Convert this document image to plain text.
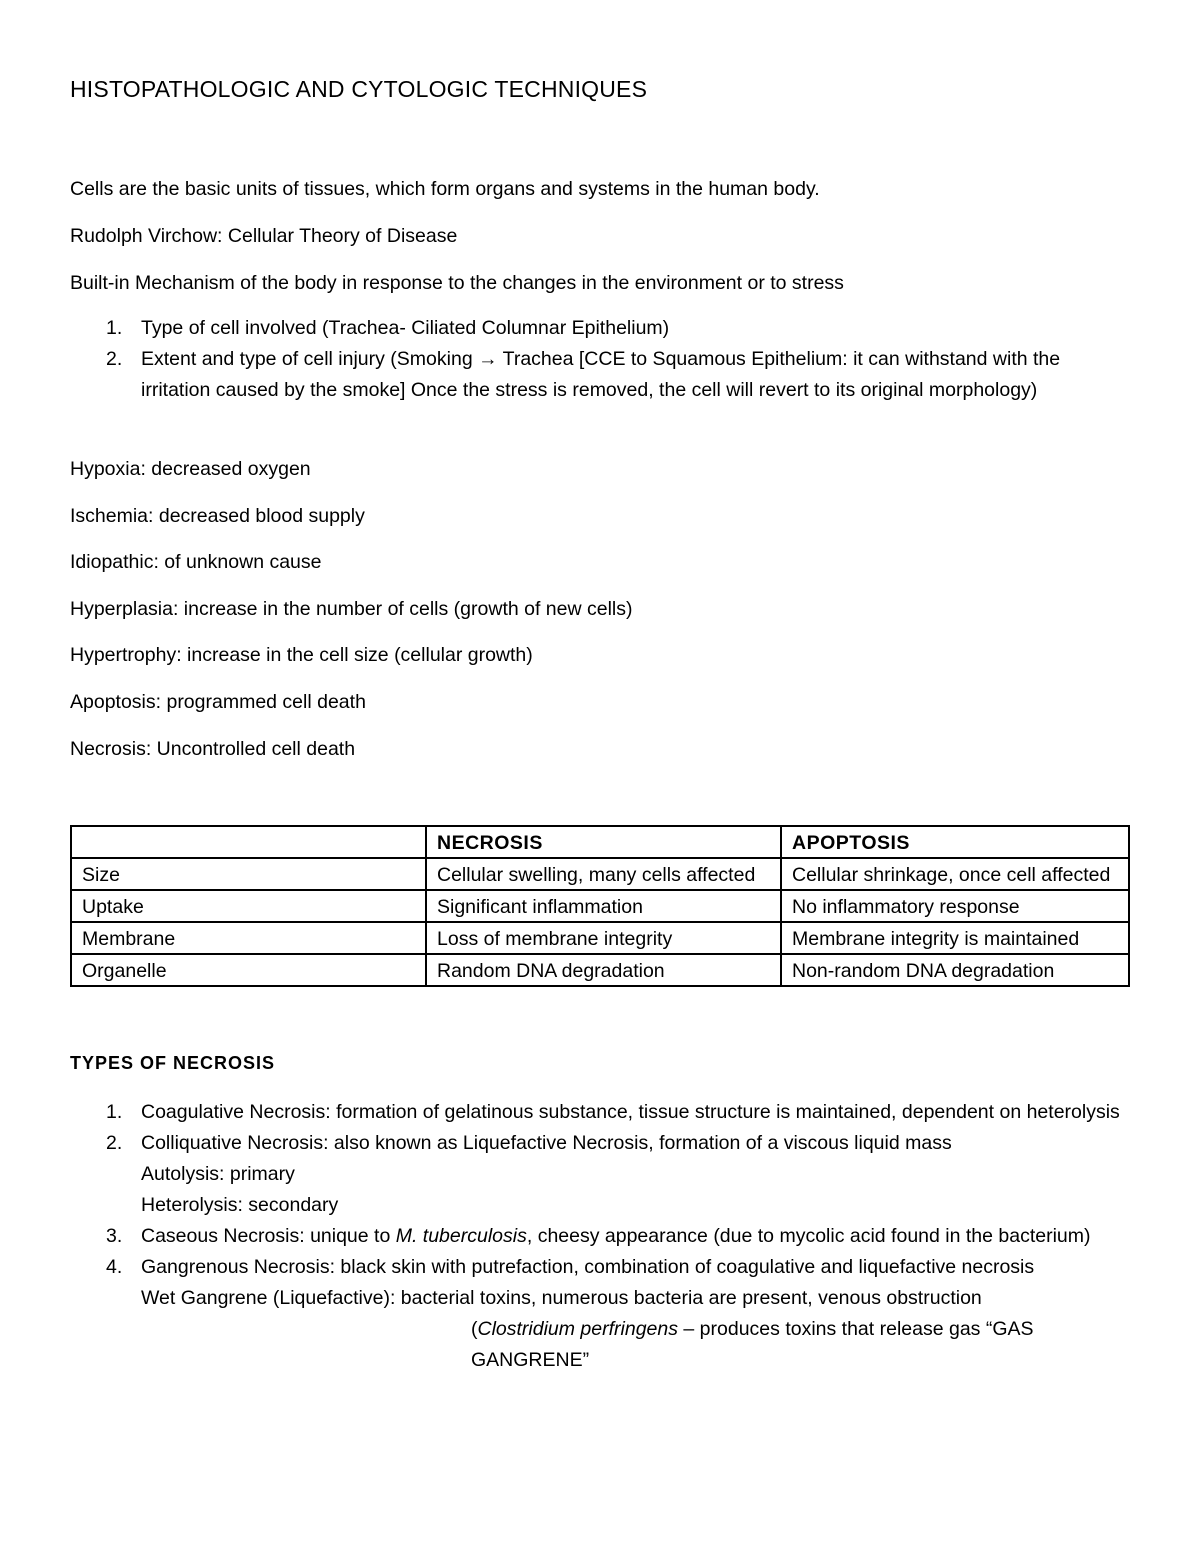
HISTOPATHOLOGIC AND CYTOLOGIC TECHNIQUES
Cells are the basic units of tissues, which form organs and systems in the human body.
Rudolph Virchow: Cellular Theory of Disease
Built-in Mechanism of the body in response to the changes in the environment or to stress
1. Type of cell involved (Trachea- Ciliated Columnar Epithelium)
2. Extent and type of cell injury (Smoking → Trachea [CCE to Squamous Epithelium: it can withstand with the irritation caused by the smoke] Once the stress is removed, the cell will revert to its original morphology)
Hypoxia: decreased oxygen
Ischemia: decreased blood supply
Idiopathic: of unknown cause
Hyperplasia: increase in the number of cells (growth of new cells)
Hypertrophy: increase in the cell size (cellular growth)
Apoptosis: programmed cell death
Necrosis: Uncontrolled cell death
	NECROSIS	APOPTOSIS
Size	Cellular swelling, many cells affected	Cellular shrinkage, once cell affected
Uptake	Significant inflammation	No inflammatory response
Membrane	Loss of membrane integrity	Membrane integrity is maintained
Organelle	Random DNA degradation	Non-random DNA degradation
TYPES OF NECROSIS
1. Coagulative Necrosis: formation of gelatinous substance, tissue structure is maintained, dependent on heterolysis
2. Colliquative Necrosis: also known as Liquefactive Necrosis, formation of a viscous liquid mass
Autolysis: primary
Heterolysis: secondary
3. Caseous Necrosis: unique to M. tuberculosis, cheesy appearance (due to mycolic acid found in the bacterium)
4. Gangrenous Necrosis: black skin with putrefaction, combination of coagulative and liquefactive necrosis
Wet Gangrene (Liquefactive): bacterial toxins, numerous bacteria are present, venous obstruction
(Clostridium perfringens – produces toxins that release gas “GAS GANGRENE”
